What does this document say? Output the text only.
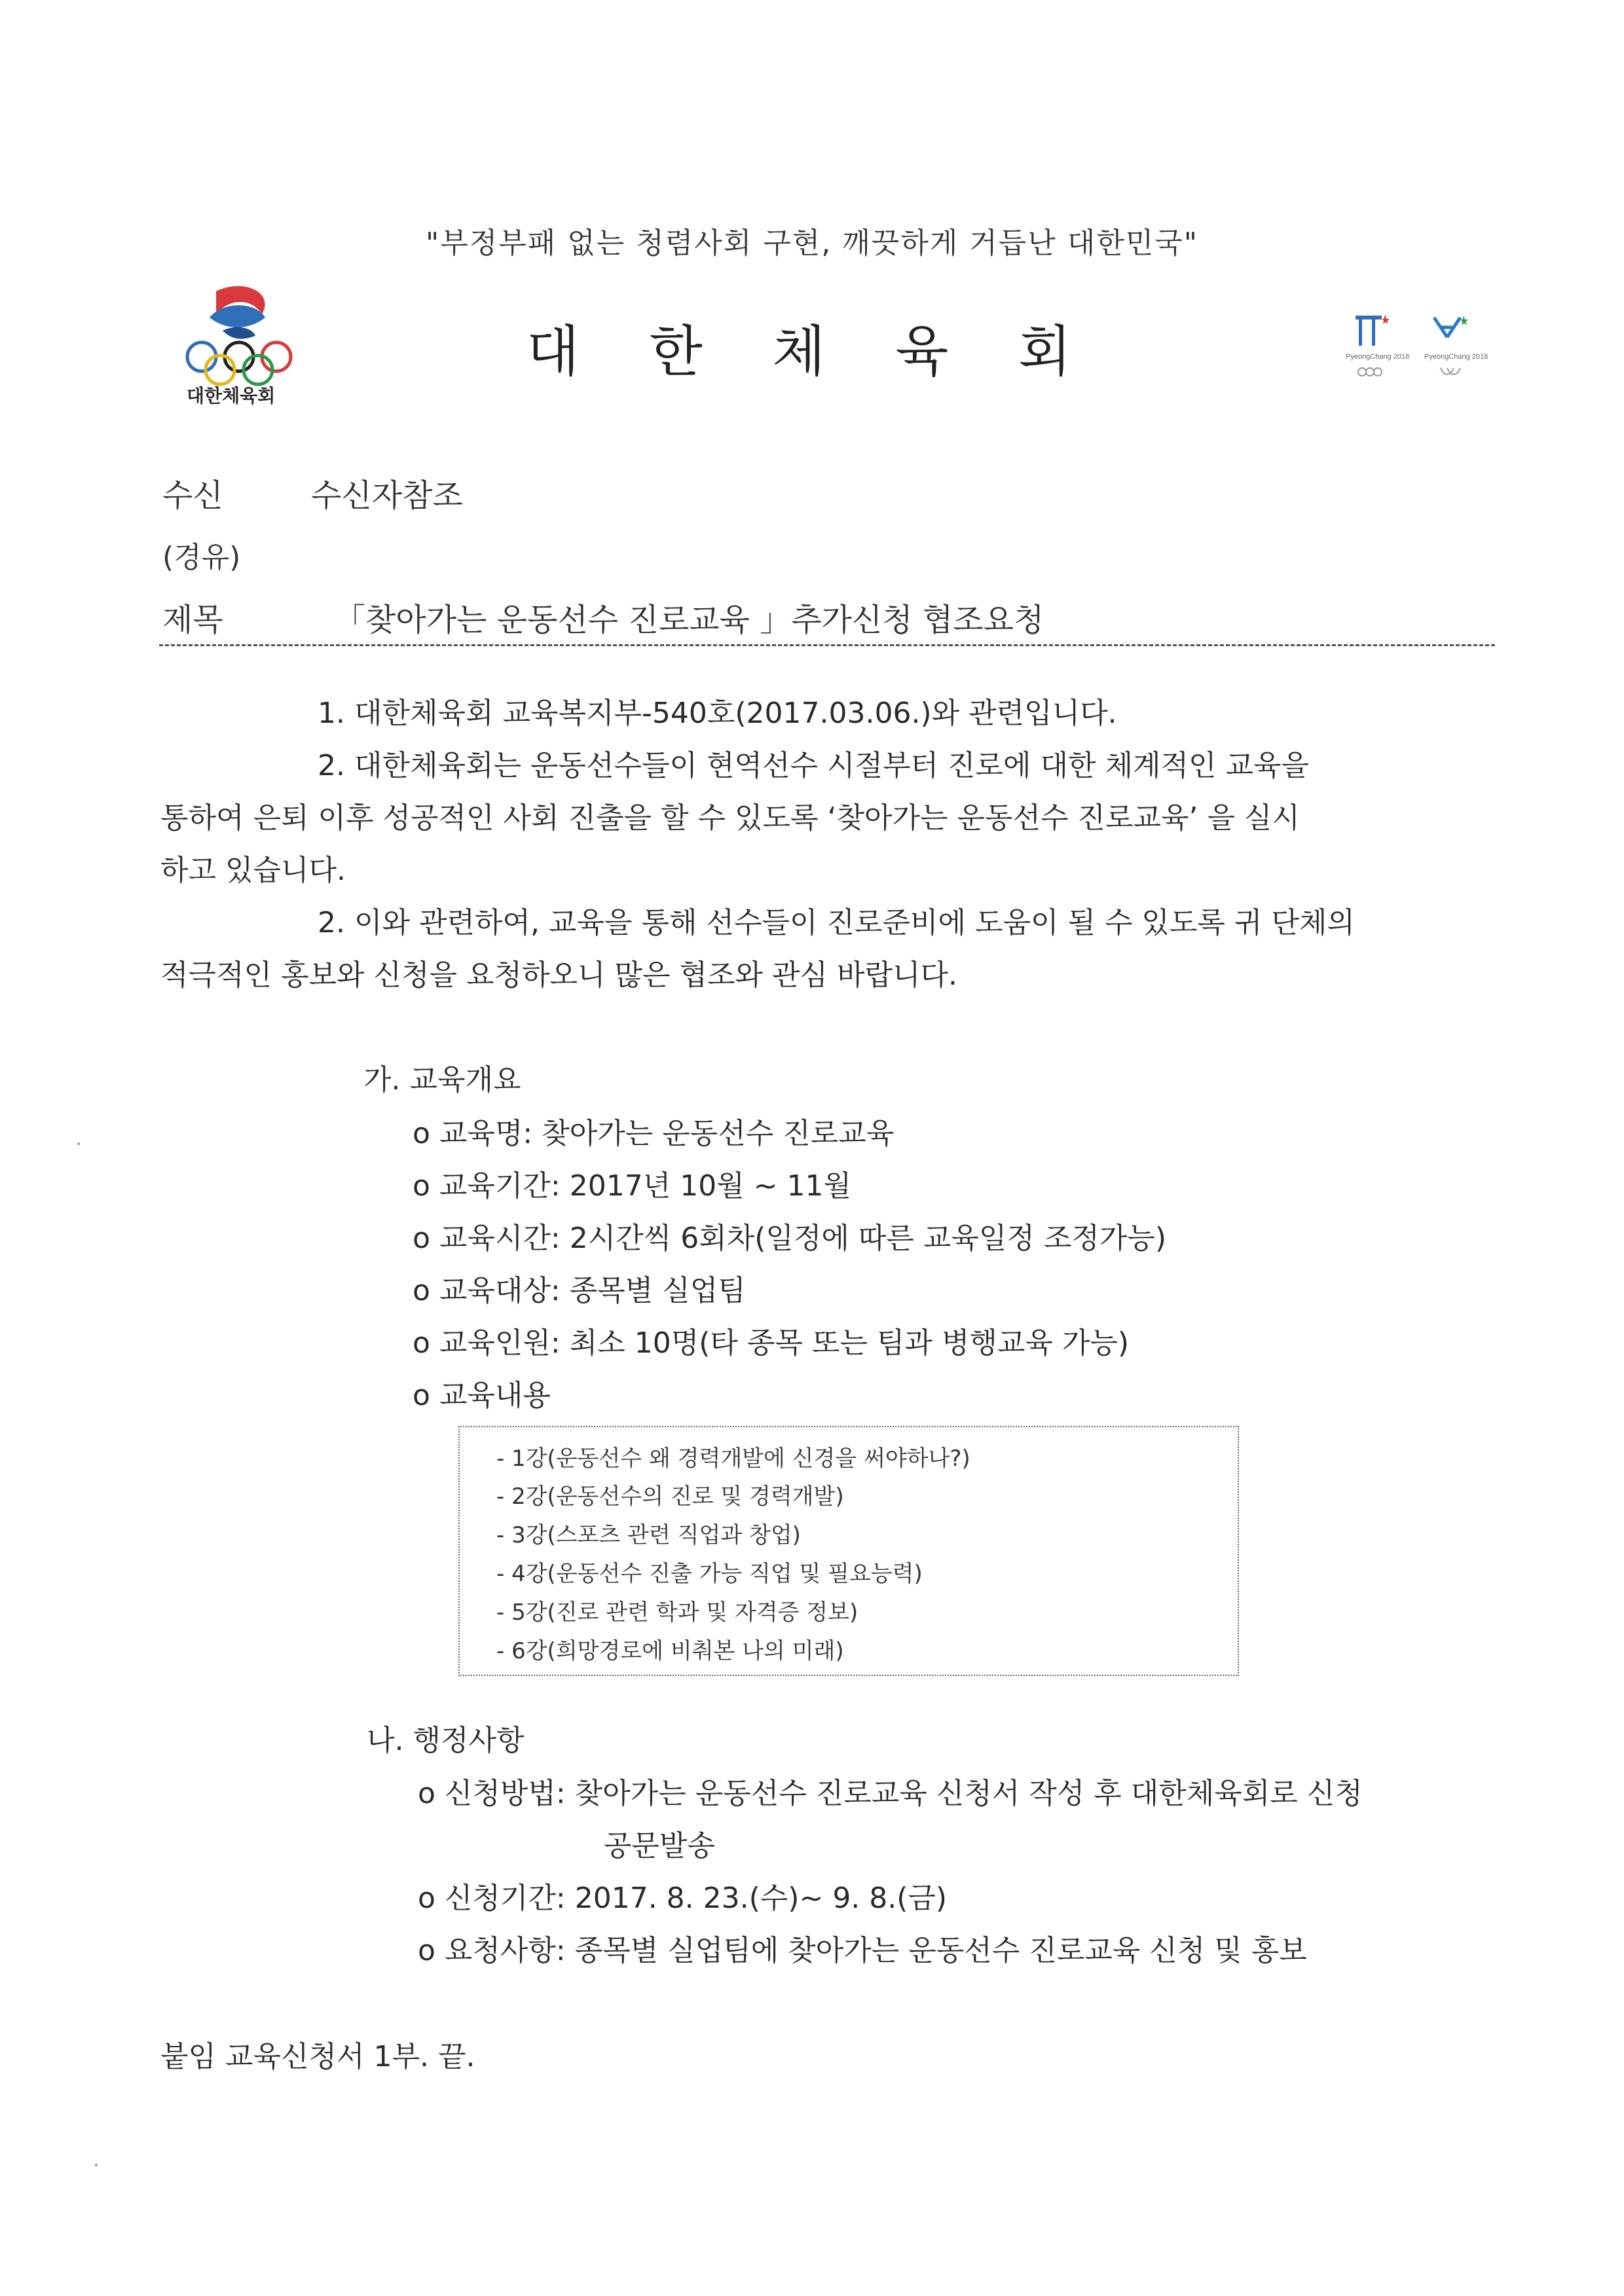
"부정부패 없는 청렴사회 구현, 깨끗하게 거듭난 대한민국"
대한체육회
대 한 체 육 회	PyeongChang 2018 PyeongChang 2018
수신	수신자참조
(경유)
제목	「찾아가는 운동선수 진로교육 」추가신청 협조요청
1. 대한체육회 교육복지부-540호(2017.03.06.)와 관련입니다.
2. 대한체육회는 운동선수들이 현역선수 시절부터 진로에 대한 체계적인 교육을
통하여 은퇴 이후 성공적인 사회 진출을 할 수 있도록 ‘찾아가는 운동선수 진로교육’ 을 실시
하고 있습니다.
2. 이와 관련하여, 교육을 통해 선수들이 진로준비에 도움이 될 수 있도록 귀 단체의
적극적인 홍보와 신청을 요청하오니 많은 협조와 관심 바랍니다.
가. 교육개요
o 교육명: 찾아가는 운동선수 진로교육
o 교육기간: 2017년 10월 ~ 11월
o 교육시간: 2시간씩 6회차(일정에 따른 교육일정 조정가능)
o 교육대상: 종목별 실업팀
o 교육인원: 최소 10명(타 종목 또는 팀과 병행교육 가능)
o 교육내용
- 1강(운동선수 왜 경력개발에 신경을 써야하나?)
- 2강(운동선수의 진로 및 경력개발)
- 3강(스포츠 관련 직업과 창업)
- 4강(운동선수 진출 가능 직업 및 필요능력)
- 5강(진로 관련 학과 및 자격증 정보)
- 6강(희망경로에 비춰본 나의 미래)
나. 행정사항
o 신청방법: 찾아가는 운동선수 진로교육 신청서 작성 후 대한체육회로 신청
공문발송
o 신청기간: 2017. 8. 23.(수)~ 9. 8.(금)
o 요청사항: 종목별 실업팀에 찾아가는 운동선수 진로교육 신청 및 홍보
붙임 교육신청서 1부. 끝.
